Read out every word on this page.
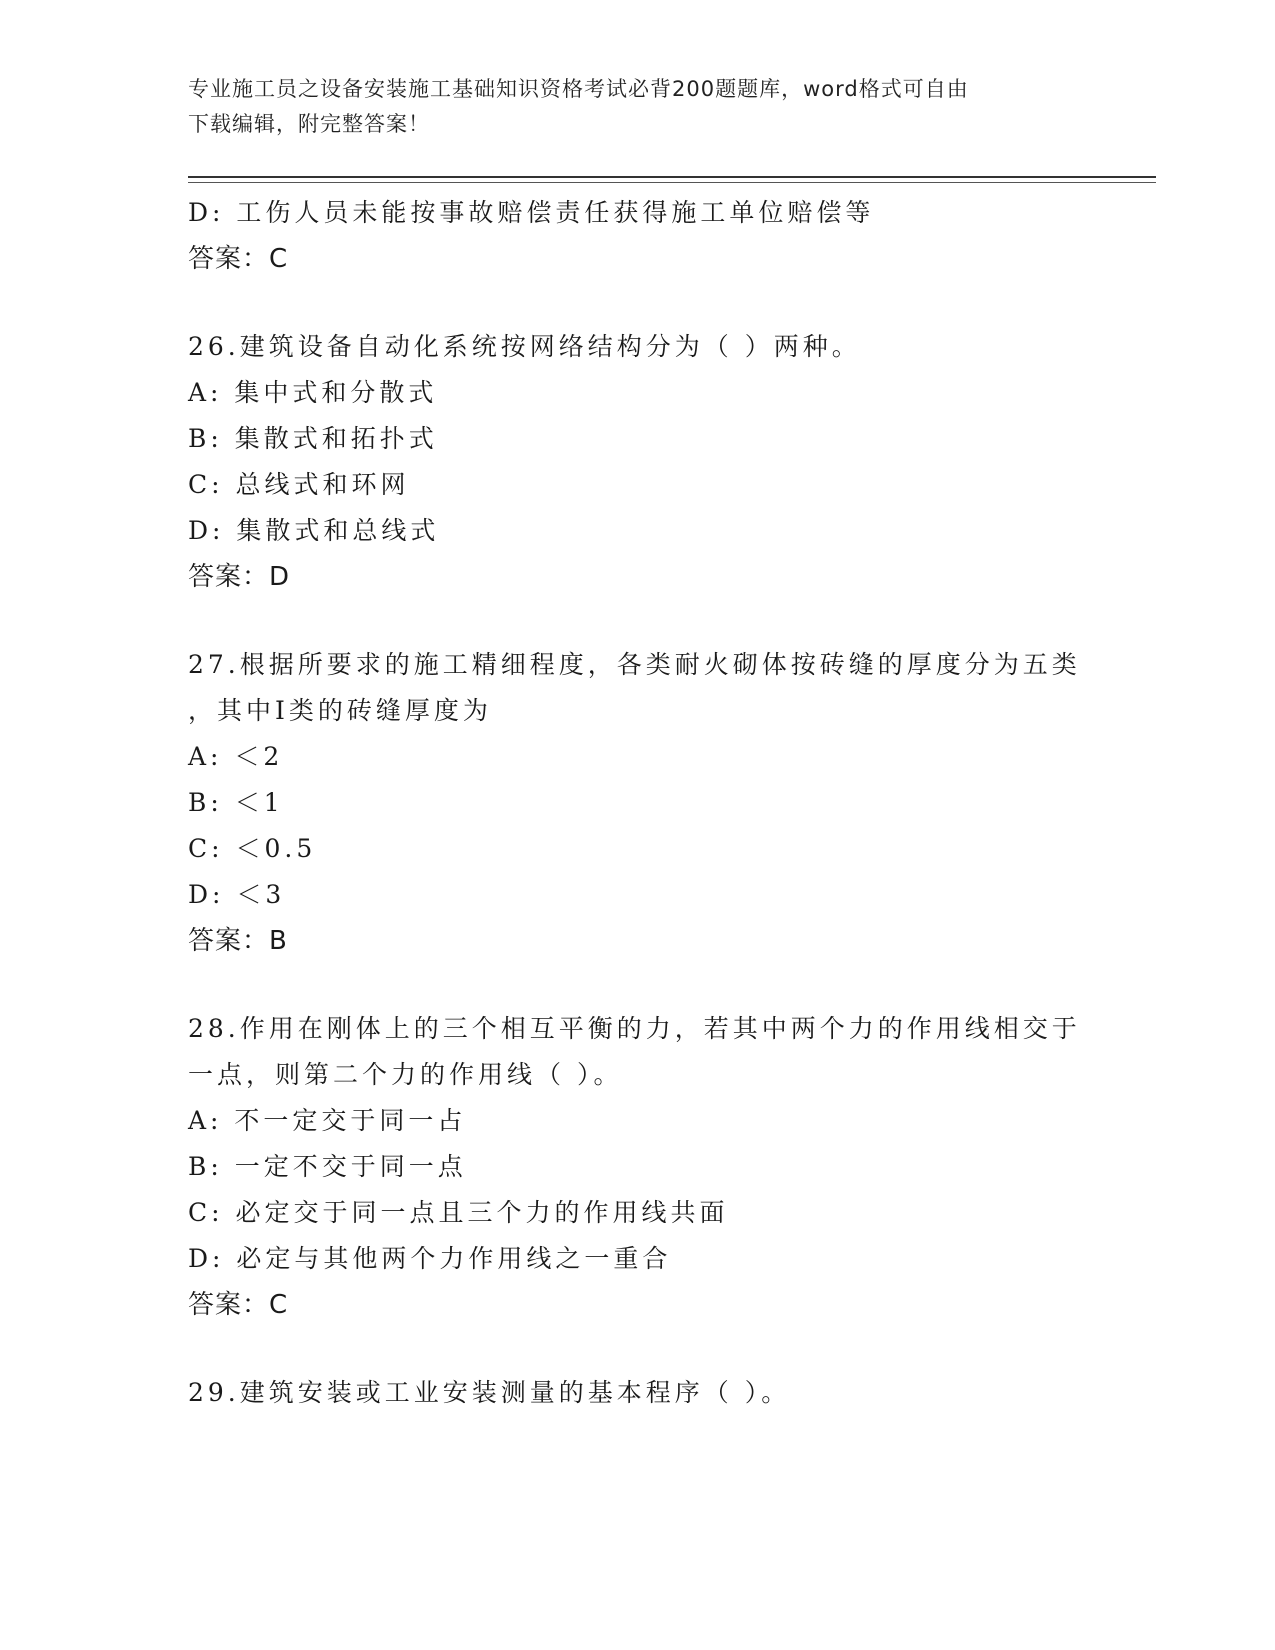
专业施工员之设备安装施工基础知识资格考试必背200题题库，word格式可自由
下载编辑，附完整答案！
D: 工伤人员未能按事故赔偿责任获得施工单位赔偿等
答案：C
26.建筑设备自动化系统按网络结构分为（ ）两种。
A: 集中式和分散式
B: 集散式和拓扑式
C: 总线式和环网
D: 集散式和总线式
答案：D
27.根据所要求的施工精细程度，各类耐火砌体按砖缝的厚度分为五类
，其中I类的砖缝厚度为
A: ＜2
B: ＜1
C: ＜0.5
D: ＜3
答案：B
28.作用在刚体上的三个相互平衡的力，若其中两个力的作用线相交于
一点，则第二个力的作用线（ ）。
A: 不一定交于同一占
B: 一定不交于同一点
C: 必定交于同一点且三个力的作用线共面
D: 必定与其他两个力作用线之一重合
答案：C
29.建筑安装或工业安装测量的基本程序（ ）。
